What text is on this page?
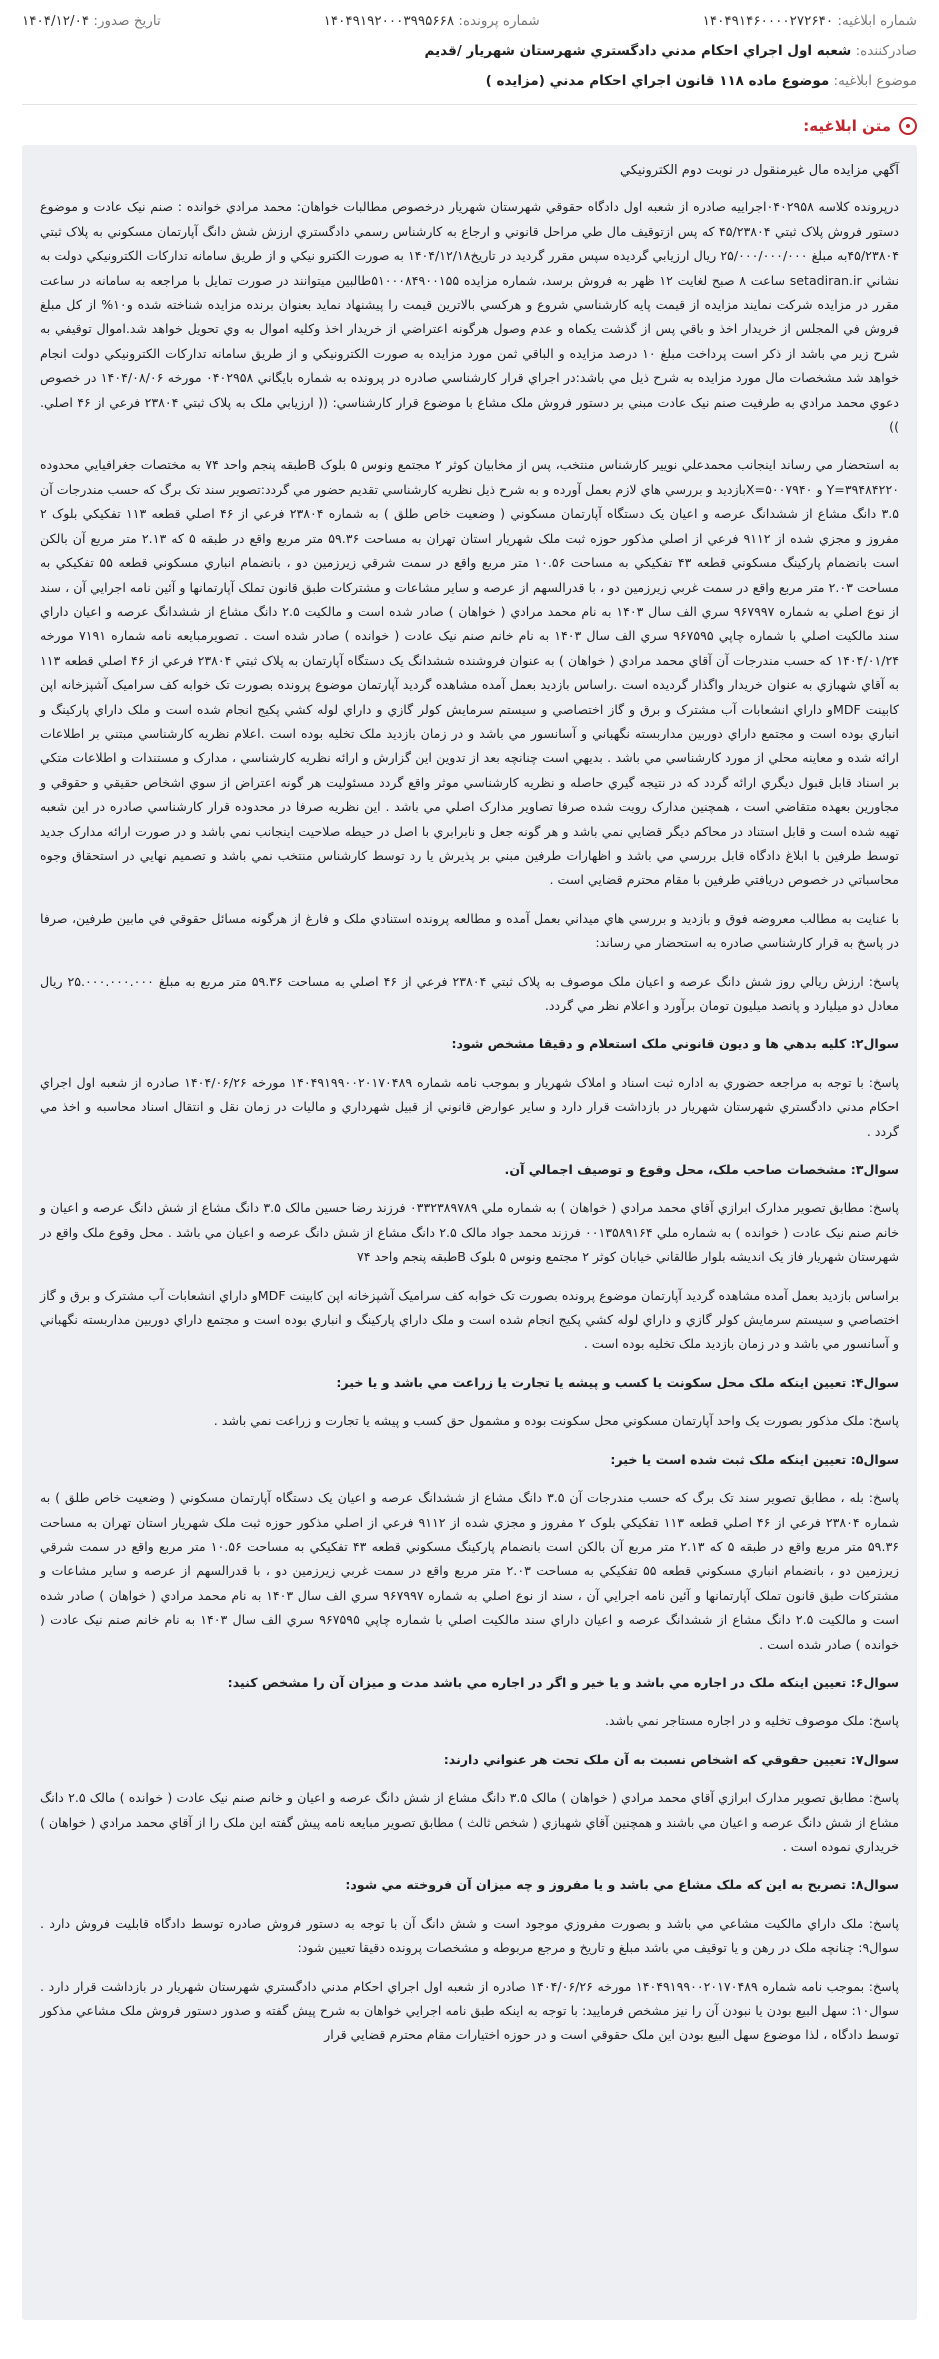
شماره ابلاغيه: ۱۴۰۴۹۱۴۶۰۰۰۰۲۷۲۶۴۰
شماره پرونده: ۱۴۰۴۹۱۹۲۰۰۰۳۹۹۵۶۶۸
تاريخ صدور: ۱۴۰۴/۱۲/۰۴
صادرکننده: شعبه اول اجراي احکام مدني دادگستري شهرستان شهريار /قديم
موضوع ابلاغيه: موضوع ماده ۱۱۸ قانون اجراي احکام مدني (مزايده )
متن ابلاغيه:

آگهي مزايده مال غيرمنقول در نوبت دوم الکترونيکي

درپرونده کلاسه ۰۴۰۲۹۵۸اجراييه صادره از شعبه اول دادگاه حقوقي شهرستان شهريار درخصوص مطالبات خواهان: محمد مرادي خوانده : صنم نيک عادت و موضوع دستور فروش پلاک ثبتي ۴۵/۲۳۸۰۴ که پس ازتوقيف مال طي مراحل قانوني و ارجاع به کارشناس رسمي دادگستري ارزش شش دانگ آپارتمان مسکوني به پلاک ثبتي ۴۵/۲۳۸۰۴به مبلغ ۲۵/۰۰۰/۰۰۰/۰۰۰ ريال ارزيابي گرديده سپس مقرر گرديد در تاريخ۱۴۰۴/۱۲/۱۸ به صورت الکترو نيکي و از طريق سامانه تدارکات الکترونيکي دولت به نشاني setadiran.ir ساعت ۸ صبح لغايت ۱۲ ظهر به فروش برسد، شماره مزايده ۵۱۰۰۰۸۴۹۰۰۱۵۵طالبين ميتوانند در صورت تمايل با مراجعه به سامانه در ساعت مقرر در مزايده شرکت نمايند مزايده از قيمت پايه کارشناسي شروع و هرکسي بالاترين قيمت را پيشنهاد نمايد بعنوان برنده مزايده شناخته شده و۱۰% از کل مبلغ فروش في المجلس از خريدار اخذ و باقي پس از گذشت يکماه و عدم وصول هرگونه اعتراضي از خريدار اخذ وکليه اموال به وي تحويل خواهد شد.اموال توقيفي به شرح زير مي باشد از ذکر است پرداخت مبلغ ۱۰ درصد مزايده و الباقي ثمن مورد مزايده به صورت الکترونيکي و از طريق سامانه تدارکات الکترونيکي دولت انجام خواهد شد مشخصات مال مورد مزايده به شرح ذيل مي باشد:در اجراي قرار کارشناسي صادره در پرونده به شماره بايگاني ۰۴۰۲۹۵۸ مورخه ۱۴۰۴/۰۸/۰۶ در خصوص دعوي محمد مرادي به طرفيت صنم نيک عادت مبني بر دستور فروش ملک مشاع با موضوع قرار کارشناسي: (( ارزيابي ملک به پلاک ثبتي ۲۳۸۰۴ فرعي از ۴۶ اصلي. ))

به استحضار مي رساند اينجانب محمدعلي نويير کارشناس منتخب، پس از مخابيان کوثر ۲ مجتمع ونوس ۵ بلوک Bطبقه پنجم واحد ۷۴ به مختصات جغرافيايي محدوده ۳۹۴۸۴۲۲۰=Y و ۵۰۰۷۹۴۰=Xبازديد و بررسي هاي لازم بعمل آورده و به شرح ذيل نظريه کارشناسي تقديم حضور مي گردد:تصوير سند تک برگ که حسب مندرجات آن ۳.۵ دانگ مشاع از ششدانگ عرصه و اعيان يک دستگاه آپارتمان مسکوني ( وضعيت خاص طلق ) به شماره ۲۳۸۰۴ فرعي از ۴۶ اصلي قطعه ۱۱۳ تفکيکي بلوک ۲ مفروز و مجزي شده از ۹۱۱۲ فرعي از اصلي مذکور حوزه ثبت ملک شهريار استان تهران به مساحت ۵۹.۳۶ متر مربع واقع در طبقه ۵ که ۲.۱۳ متر مربع آن بالکن است بانضمام پارکينگ مسکوني قطعه ۴۳ تفکيکي به مساحت ۱۰.۵۶ متر مربع واقع در سمت شرقي زيرزمين دو ، بانضمام انباري مسکوني قطعه ۵۵ تفکيکي به مساحت ۲.۰۳ متر مربع واقع در سمت غربي زيرزمين دو ، با قدرالسهم از عرصه و ساير مشاعات و مشترکات طبق قانون تملک آپارتمانها و آئين نامه اجرايي آن ، سند از نوع اصلي به شماره ۹۶۷۹۹۷ سري الف سال ۱۴۰۳ به نام محمد مرادي ( خواهان ) صادر شده است و مالکيت ۲.۵ دانگ مشاع از ششدانگ عرصه و اعيان داراي سند مالکيت اصلي با شماره چاپي ۹۶۷۵۹۵ سري الف سال ۱۴۰۳ به نام خانم صنم نيک عادت ( خوانده ) صادر شده است . تصويرمبايعه نامه شماره ۷۱۹۱ مورخه ۱۴۰۴/۰۱/۲۴ که حسب مندرجات آن آقاي محمد مرادي ( خواهان ) به عنوان فروشنده ششدانگ يک دستگاه آپارتمان به پلاک ثبتي ۲۳۸۰۴ فرعي از ۴۶ اصلي قطعه ۱۱۳ به آقاي شهبازي به عنوان خريدار واگذار گرديده است .راساس بازديد بعمل آمده مشاهده گرديد آپارتمان موضوع پرونده بصورت تک خوابه کف سراميک آشپزخانه اپن کابينت MDFو داراي انشعابات آب مشترک و برق و گاز اختصاصي و سيستم سرمايش کولر گازي و داراي لوله کشي پکيج انجام شده است و ملک داراي پارکينگ و انباري بوده است و مجتمع داراي دوربين مداربسته نگهباني و آسانسور مي باشد و در زمان بازديد ملک تخليه بوده است .اعلام نظريه کارشناسي مبتني بر اطلاعات ارائه شده و معاينه محلي از مورد کارشناسي مي باشد . بديهي است چنانچه بعد از تدوين اين گزارش و ارائه نظريه کارشناسي ، مدارک و مستندات و اطلاعات متکي بر اسناد قابل قبول ديگري ارائه گردد که در نتيجه گيري حاصله و نظريه کارشناسي موثر واقع گردد مسئوليت هر گونه اعتراض از سوي اشخاص حقيقي و حقوقي و مجاورين بعهده متقاضي است ، همچنين مدارک رويت شده صرفا تصاوير مدارک اصلي مي باشد . اين نظريه صرفا در محدوده قرار کارشناسي صادره در اين شعبه تهيه شده است و قابل استناد در محاکم ديگر قضايي نمي باشد و هر گونه جعل و نابرابري با اصل در حيطه صلاحيت اينجانب نمي باشد و در صورت ارائه مدارک جديد توسط طرفين با ابلاغ دادگاه قابل بررسي مي باشد و اظهارات طرفين مبني بر پذيرش يا رد توسط کارشناس منتخب نمي باشد و تصميم نهايي در استحقاق وجوه محاسباتي در خصوص دريافتي طرفين با مقام محترم قضايي است .

با عنايت به مطالب معروضه فوق و بازديد و بررسي هاي ميداني بعمل آمده و مطالعه پرونده استنادي ملک و فارغ از هرگونه مسائل حقوقي في مابين طرفين، صرفا در پاسخ به قرار کارشناسي صادره به استحضار مي رساند:

پاسخ: ارزش ريالي روز شش دانگ عرصه و اعيان ملک موصوف به پلاک ثبتي ۲۳۸۰۴ فرعي از ۴۶ اصلي به مساحت ۵۹.۳۶ متر مربع به مبلغ ۲۵.۰۰۰.۰۰۰.۰۰۰ ريال معادل دو ميليارد و پانصد ميليون تومان برآورد و اعلام نظر مي گردد.

سوال۲: کليه بدهي ها و ديون قانوني ملک استعلام و دقيقا مشخص شود:

پاسخ: با توجه به مراجعه حضوري به اداره ثبت اسناد و املاک شهريار و بموجب نامه شماره ۱۴۰۴۹۱۹۹۰۰۲۰۱۷۰۴۸۹ مورخه ۱۴۰۴/۰۶/۲۶ صادره از شعبه اول اجراي احکام مدني دادگستري شهرستان شهريار در بازداشت قرار دارد و ساير عوارض قانوني از قبيل شهرداري و ماليات در زمان نقل و انتقال اسناد محاسبه و اخذ مي گردد .

سوال۳: مشخصات صاحب ملک، محل وقوع و توصيف اجمالي آن.

پاسخ: مطابق تصوير مدارک ابرازي آقاي محمد مرادي ( خواهان ) به شماره ملي ۰۳۳۲۳۸۹۷۸۹ فرزند رضا حسين مالک ۳.۵ دانگ مشاع از شش دانگ عرصه و اعيان و خانم صنم نيک عادت ( خوانده ) به شماره ملي ۰۰۱۳۵۸۹۱۶۴ فرزند محمد جواد مالک ۲.۵ دانگ مشاع از شش دانگ عرصه و اعيان مي باشد . محل وقوع ملک واقع در شهرستان شهريار فاز يک انديشه بلوار طالقاني خيابان کوثر ۲ مجتمع ونوس ۵ بلوک Bطبقه پنجم واحد ۷۴

براساس بازديد بعمل آمده مشاهده گرديد آپارتمان موضوع پرونده بصورت تک خوابه کف سراميک آشپزخانه اپن کابينت MDFو داراي انشعابات آب مشترک و برق و گاز اختصاصي و سيستم سرمايش کولر گازي و داراي لوله کشي پکيج انجام شده است و ملک داراي پارکينگ و انباري بوده است و مجتمع داراي دوربين مداربسته نگهباني و آسانسور مي باشد و در زمان بازديد ملک تخليه بوده است .

سوال۴: تعيين اينکه ملک محل سکونت يا کسب و پيشه يا تجارت يا زراعت مي باشد و يا خير:

پاسخ: ملک مذکور بصورت يک واحد آپارتمان مسکوني محل سکونت بوده و مشمول حق کسب و پيشه يا تجارت و زراعت نمي باشد .

سوال۵: تعيين اينکه ملک ثبت شده است يا خير:

پاسخ: بله ، مطابق تصوير سند تک برگ که حسب مندرجات آن ۳.۵ دانگ مشاع از ششدانگ عرصه و اعيان يک دستگاه آپارتمان مسکوني ( وضعيت خاص طلق ) به شماره ۲۳۸۰۴ فرعي از ۴۶ اصلي قطعه ۱۱۳ تفکيکي بلوک ۲ مفروز و مجزي شده از ۹۱۱۲ فرعي از اصلي مذکور حوزه ثبت ملک شهريار استان تهران به مساحت ۵۹.۳۶ متر مربع واقع در طبقه ۵ که ۲.۱۳ متر مربع آن بالکن است بانضمام پارکينگ مسکوني قطعه ۴۳ تفکيکي به مساحت ۱۰.۵۶ متر مربع واقع در سمت شرقي زيرزمين دو ، بانضمام انباري مسکوني قطعه ۵۵ تفکيکي به مساحت ۲.۰۳ متر مربع واقع در سمت غربي زيرزمين دو ، با قدرالسهم از عرصه و ساير مشاعات و مشترکات طبق قانون تملک آپارتمانها و آئين نامه اجرايي آن ، سند از نوع اصلي به شماره ۹۶۷۹۹۷ سري الف سال ۱۴۰۳ به نام محمد مرادي ( خواهان ) صادر شده است و مالکيت ۲.۵ دانگ مشاع از ششدانگ عرصه و اعيان داراي سند مالکيت اصلي با شماره چاپي ۹۶۷۵۹۵ سري الف سال ۱۴۰۳ به نام خانم صنم نيک عادت ( خوانده ) صادر شده است .

سوال۶: تعيين اينکه ملک در اجاره مي باشد و يا خير و اگر در اجاره مي باشد مدت و ميزان آن را مشخص کنيد:

پاسخ: ملک موصوف تخليه و در اجاره مستاجر نمي باشد.

سوال۷: تعيين حقوقي که اشخاص نسبت به آن ملک تحت هر عنواني دارند:

پاسخ: مطابق تصوير مدارک ابرازي آقاي محمد مرادي ( خواهان ) مالک ۳.۵ دانگ مشاع از شش دانگ عرصه و اعيان و خانم صنم نيک عادت ( خوانده ) مالک ۲.۵ دانگ مشاع از شش دانگ عرصه و اعيان مي باشند و همچنين آقاي شهبازي ( شخص ثالث ) مطابق تصوير مبايعه نامه پيش گفته اين ملک را از آقاي محمد مرادي ( خواهان ) خريداري نموده است .

سوال۸: تصريح به اين که ملک مشاع مي باشد و يا مفروز و چه ميزان آن فروخته مي شود:

پاسخ: ملک داراي مالکيت مشاعي مي باشد و بصورت مفروزي موجود است و شش دانگ آن با توجه به دستور فروش صادره توسط دادگاه قابليت فروش دارد . سوال۹: چنانچه ملک در رهن و يا توقيف مي باشد مبلغ و تاريخ و مرجع مربوطه و مشخصات پرونده دقيقا تعيين شود:

پاسخ: بموجب نامه شماره ۱۴۰۴۹۱۹۹۰۰۲۰۱۷۰۴۸۹ مورخه ۱۴۰۴/۰۶/۲۶ صادره از شعبه اول اجراي احکام مدني دادگستري شهرستان شهريار در بازداشت قرار دارد . سوال۱۰: سهل البيع بودن يا نبودن آن را نيز مشخص فرماييد: با توجه به اينکه طبق نامه اجرايي خواهان به شرح پيش گفته و صدور دستور فروش ملک مشاعي مذکور توسط دادگاه ، لذا موضوع سهل البيع بودن اين ملک حقوقي است و در حوزه اختيارات مقام محترم قضايي قرار
